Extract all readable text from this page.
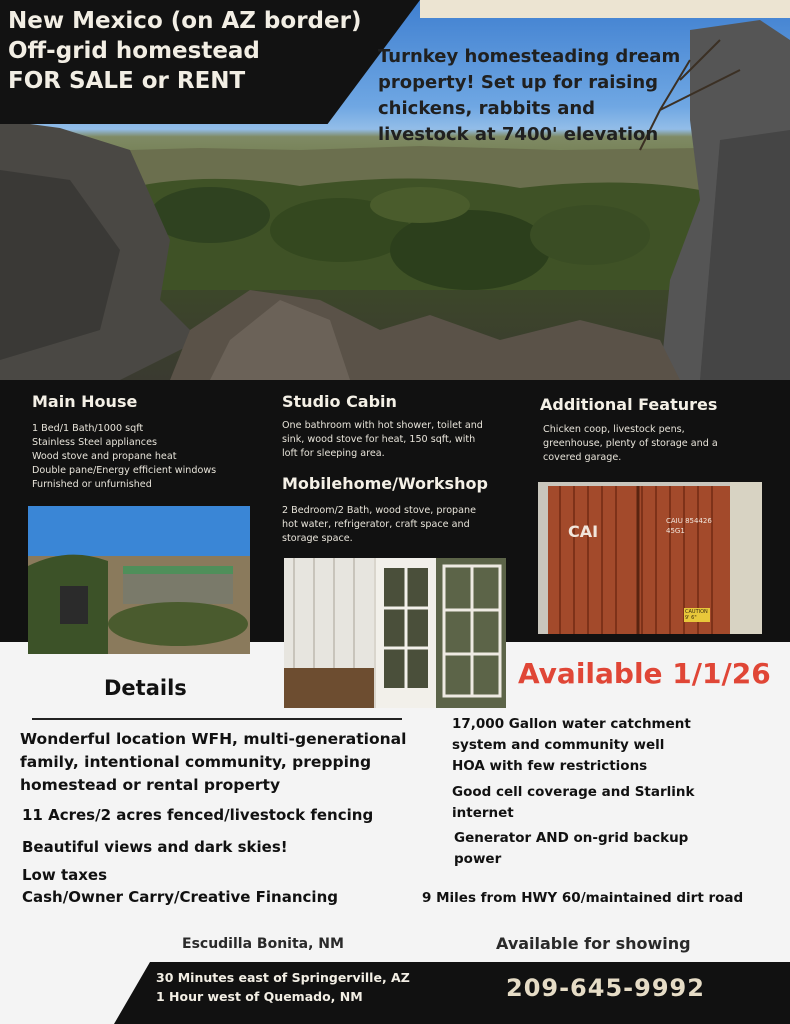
New Mexico (on AZ border)
Off-grid homestead
FOR SALE or RENT
Turnkey homesteading dream
property! Set up for raising
chickens, rabbits and
livestock at 7400' elevation
Main House
1 Bed/1 Bath/1000 sqft
Stainless Steel appliances
Wood stove and propane heat
Double pane/Energy efficient windows
Furnished or unfurnished
Studio Cabin
One bathroom with hot shower, toilet and
sink, wood stove for heat, 150 sqft, with
loft for sleeping area.
Mobilehome/Workshop
2 Bedroom/2 Bath, wood stove, propane
hot water, refrigerator, craft space and
storage space.
Additional Features
Chicken coop, livestock pens,
greenhouse, plenty of storage and a
covered garage.
CAI
CAIU 854426
45G1
CAUTION
9' 6"
Details	Available 1/1/26
Wonderful location WFH, multi-generational
family, intentional community, prepping
homestead or rental property
11 Acres/2 acres fenced/livestock fencing
Beautiful views and dark skies!
Low taxes
Cash/Owner Carry/Creative Financing
17,000 Gallon water catchment
system and community well
HOA with few restrictions
Good cell coverage and Starlink
internet
Generator AND on-grid backup
power
9 Miles from HWY 60/maintained dirt road
Escudilla Bonita, NM	Available for showing
30 Minutes east of Springerville, AZ
1 Hour west of Quemado, NM	209-645-9992
